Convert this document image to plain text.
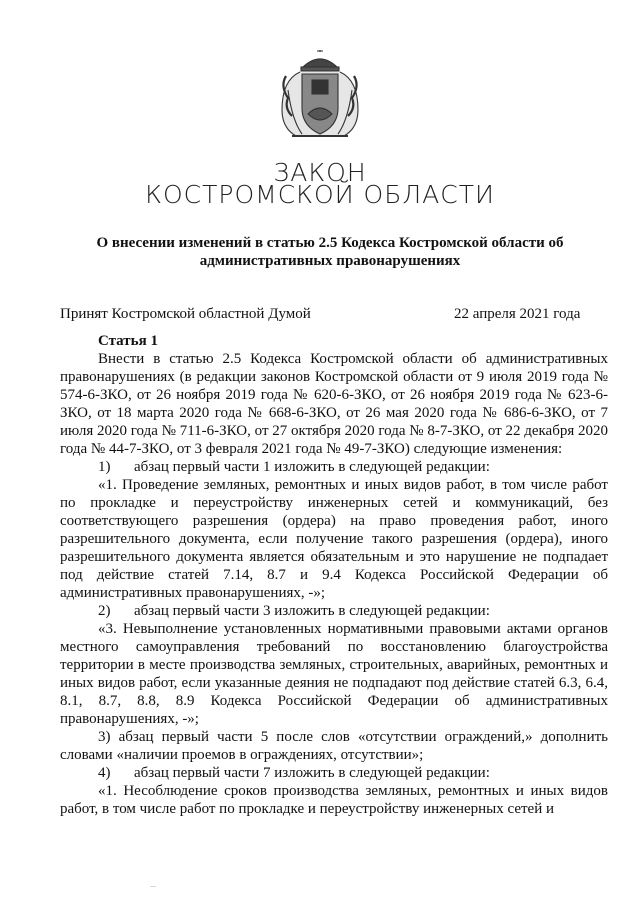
ЗАКОН
КОСТРОМСКОЙ ОБЛАСТИ
О внесении изменений в статью 2.5 Кодекса Костромской области об административных правонарушениях
Принят Костромской областной Думой	22 апреля 2021 года

Статья 1

Внести в статью 2.5 Кодекса Костромской области об административных правонарушениях (в редакции законов Костромской области от 9 июля 2019 года № 574-6-ЗКО, от 26 ноября 2019 года № 620-6-ЗКО, от 26 ноября 2019 года № 623-6-ЗКО, от 18 марта 2020 года № 668-6-ЗКО, от 26 мая 2020 года № 686-6-ЗКО, от 7 июля 2020 года № 711-6-ЗКО, от 27 октября 2020 года № 8-7-ЗКО, от 22 декабря 2020 года № 44-7-ЗКО, от 3 февраля 2021 года № 49-7-ЗКО) следующие изменения:

1) абзац первый части 1 изложить в следующей редакции:

«1. Проведение земляных, ремонтных и иных видов работ, в том числе работ по прокладке и переустройству инженерных сетей и коммуникаций, без соответствующего разрешения (ордера) на право проведения работ, иного разрешительного документа, если получение такого разрешения (ордера), иного разрешительного документа является обязательным и это нарушение не подпадает под действие статей 7.14, 8.7 и 9.4 Кодекса Российской Федерации об административных правонарушениях, -»;

2) абзац первый части 3 изложить в следующей редакции:

«3. Невыполнение установленных нормативными правовыми актами органов местного самоуправления требований по восстановлению благоустройства территории в месте производства земляных, строительных, аварийных, ремонтных и иных видов работ, если указанные деяния не подпадают под действие статей 6.3, 6.4, 8.1, 8.7, 8.8, 8.9 Кодекса Российской Федерации об административных правонарушениях, -»;

3) абзац первый части 5 после слов «отсутствии ограждений,» дополнить словами «наличии проемов в ограждениях, отсутствии»;

4) абзац первый части 7 изложить в следующей редакции:

«1. Несоблюдение сроков производства земляных, ремонтных и иных видов работ, в том числе работ по прокладке и переустройству инженерных сетей и

—
